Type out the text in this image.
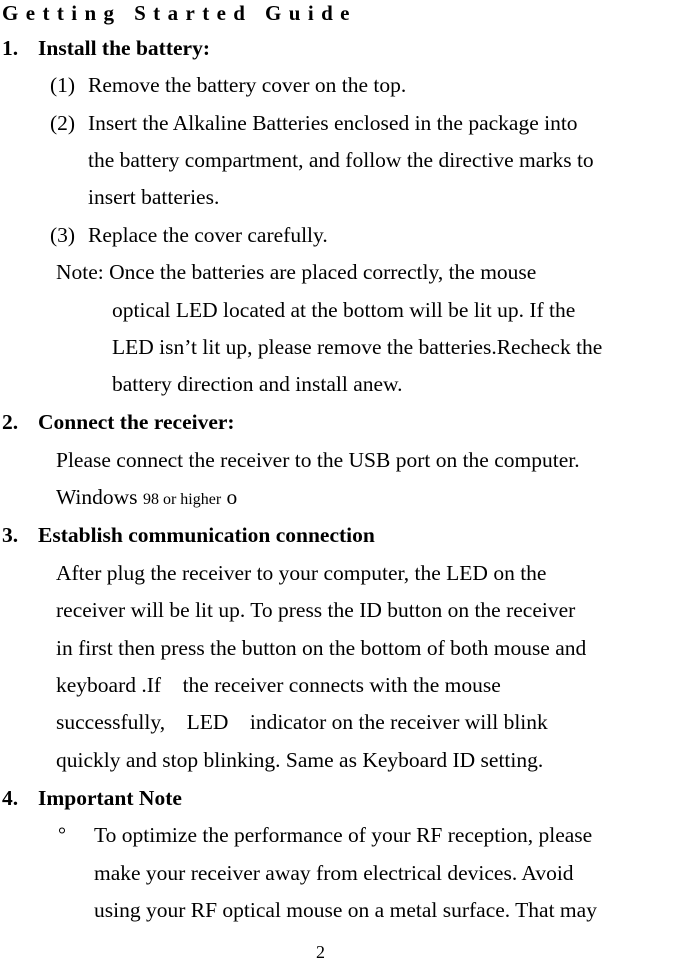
Getting Started Guide
1. Install the battery:
(1) Remove the battery cover on the top.
(2) Insert the Alkaline Batteries enclosed in the package into
the battery compartment, and follow the directive marks to
insert batteries.
(3) Replace the cover carefully.
Note: Once the batteries are placed correctly, the mouse
optical LED located at the bottom will be lit up. If the
LED isn’t lit up, please remove the batteries.Recheck the
battery direction and install anew.
2. Connect the receiver:
Please connect the receiver to the USB port on the computer.
Windows 98 or higher o
3. Establish communication connection
After plug the receiver to your computer, the LED on the
receiver will be lit up. To press the ID button on the receiver
in first then press the button on the bottom of both mouse and
keyboard .If    the receiver connects with the mouse
successfully,    LED    indicator on the receiver will blink
quickly and stop blinking. Same as Keyboard ID setting.
4. Important Note
° To optimize the performance of your RF reception, please
make your receiver away from electrical devices. Avoid
using your RF optical mouse on a metal surface. That may
2
